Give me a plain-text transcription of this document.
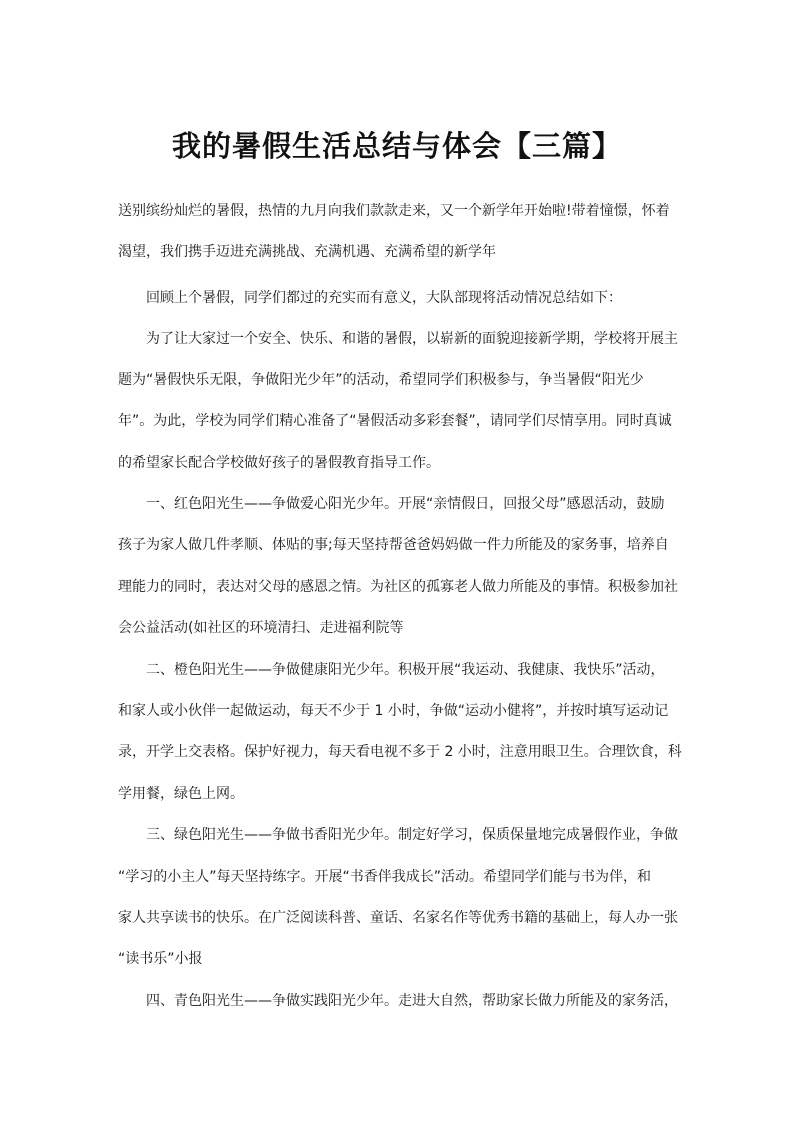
我的暑假生活总结与体会【三篇】
送别缤纷灿烂的暑假，热情的九月向我们款款走来，又一个新学年开始啦!带着憧憬，怀着
渴望，我们携手迈进充满挑战、充满机遇、充满希望的新学年
回顾上个暑假，同学们都过的充实而有意义，大队部现将活动情况总结如下：
为了让大家过一个安全、快乐、和谐的暑假，以崭新的面貌迎接新学期，学校将开展主
题为“暑假快乐无限，争做阳光少年”的活动，希望同学们积极参与，争当暑假“阳光少
年”。为此，学校为同学们精心准备了“暑假活动多彩套餐”，请同学们尽情享用。同时真诚
的希望家长配合学校做好孩子的暑假教育指导工作。
一、红色阳光生——争做爱心阳光少年。开展“亲情假日，回报父母”感恩活动，鼓励
孩子为家人做几件孝顺、体贴的事;每天坚持帮爸爸妈妈做一件力所能及的家务事，培养自
理能力的同时，表达对父母的感恩之情。为社区的孤寡老人做力所能及的事情。积极参加社
会公益活动(如社区的环境清扫、走进福利院等
二、橙色阳光生——争做健康阳光少年。积极开展“我运动、我健康、我快乐”活动，
和家人或小伙伴一起做运动，每天不少于 1 小时，争做“运动小健将”，并按时填写运动记
录，开学上交表格。保护好视力，每天看电视不多于 2 小时，注意用眼卫生。合理饮食，科
学用餐，绿色上网。
三、绿色阳光生——争做书香阳光少年。制定好学习，保质保量地完成暑假作业，争做
“学习的小主人”每天坚持练字。开展“书香伴我成长”活动。希望同学们能与书为伴，和
家人共享读书的快乐。在广泛阅读科普、童话、名家名作等优秀书籍的基础上，每人办一张
“读书乐”小报
四、青色阳光生——争做实践阳光少年。走进大自然，帮助家长做力所能及的家务活，
